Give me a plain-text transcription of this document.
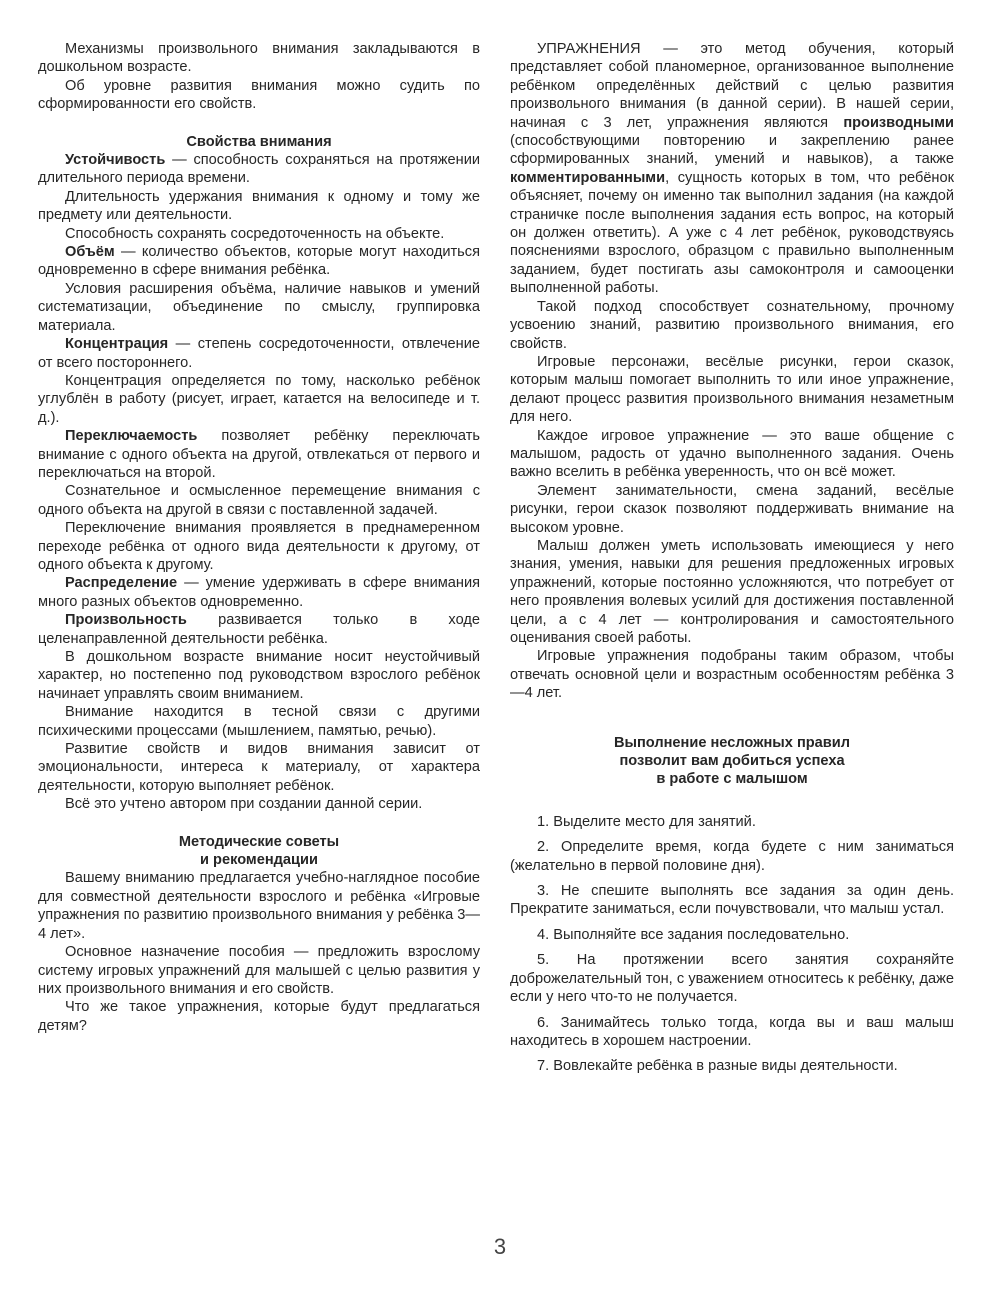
Механизмы произвольного внимания закладываются в дошкольном возрасте.

Об уровне развития внимания можно судить по сформированности его свойств.

Свойства внимания

Устойчивость — способность сохраняться на протяжении длительного периода времени.

Длительность удержания внимания к одному и тому же предмету или деятельности.

Способность сохранять сосредоточенность на объекте.

Объём — количество объектов, которые могут находиться одновременно в сфере внимания ребёнка.

Условия расширения объёма, наличие навыков и умений систематизации, объединение по смыслу, группировка материала.

Концентрация — степень сосредоточенности, отвлечение от всего постороннего.

Концентрация определяется по тому, насколько ребёнок углублён в работу (рисует, играет, катается на велосипеде и т. д.).

Переключаемость позволяет ребёнку переключать внимание с одного объекта на другой, отвлекаться от первого и переключаться на второй.

Сознательное и осмысленное перемещение внимания с одного объекта на другой в связи с поставленной задачей.

Переключение внимания проявляется в преднамеренном переходе ребёнка от одного вида деятельности к другому, от одного объекта к другому.

Распределение — умение удерживать в сфере внимания много разных объектов одновременно.

Произвольность развивается только в ходе целенаправленной деятельности ребёнка.

В дошкольном возрасте внимание носит неустойчивый характер, но постепенно под руководством взрослого ребёнок начинает управлять своим вниманием.

Внимание находится в тесной связи с другими психическими процессами (мышлением, памятью, речью).

Развитие свойств и видов внимания зависит от эмоциональности, интереса к материалу, от характера деятельности, которую выполняет ребёнок.

Всё это учтено автором при создании данной серии.

Методические советы
и рекомендации

Вашему вниманию предлагается учебно-наглядное пособие для совместной деятельности взрослого и ребёнка «Игровые упражнения по развитию произвольного внимания у ребёнка 3—4 лет».

Основное назначение пособия — предложить взрослому систему игровых упражнений для малышей с целью развития у них произвольного внимания и его свойств.

Что же такое упражнения, которые будут предлагаться детям?

УПРАЖНЕНИЯ — это метод обучения, который представляет собой планомерное, организованное выполнение ребёнком определённых действий с целью развития произвольного внимания (в данной серии). В нашей серии, начиная с 3 лет, упражнения являются производными (способствующими повторению и закреплению ранее сформированных знаний, умений и навыков), а также комментированными, сущность которых в том, что ребёнок объясняет, почему он именно так выполнил задания (на каждой страничке после выполнения задания есть вопрос, на который он должен ответить). А уже с 4 лет ребёнок, руководствуясь пояснениями взрослого, образцом с правильно выполненным заданием, будет постигать азы самоконтроля и самооценки выполненной работы.

Такой подход способствует сознательному, прочному усвоению знаний, развитию произвольного внимания, его свойств.

Игровые персонажи, весёлые рисунки, герои сказок, которым малыш помогает выполнить то или иное упражнение, делают процесс развития произвольного внимания незаметным для него.

Каждое игровое упражнение — это ваше общение с малышом, радость от удачно выполненного задания. Очень важно вселить в ребёнка уверенность, что он всё может.

Элемент занимательности, смена заданий, весёлые рисунки, герои сказок позволяют поддерживать внимание на высоком уровне.

Малыш должен уметь использовать имеющиеся у него знания, умения, навыки для решения предложенных игровых упражнений, которые постоянно усложняются, что потребует от него проявления волевых усилий для достижения поставленной цели, а с 4 лет — контролирования и самостоятельного оценивания своей работы.

Игровые упражнения подобраны таким образом, чтобы отвечать основной цели и возрастным особенностям ребёнка 3—4 лет.

Выполнение несложных правил
позволит вам добиться успеха
в работе с малышом
1. Выделите место для занятий.
2. Определите время, когда будете с ним заниматься (желательно в первой половине дня).
3. Не спешите выполнять все задания за один день. Прекратите заниматься, если почувствовали, что малыш устал.
4. Выполняйте все задания последовательно.
5. На протяжении всего занятия сохраняйте доброжелательный тон, с уважением относитесь к ребёнку, даже если у него что-то не получается.
6. Занимайтесь только тогда, когда вы и ваш малыш находитесь в хорошем настроении.
7. Вовлекайте ребёнка в разные виды деятельности.
3
